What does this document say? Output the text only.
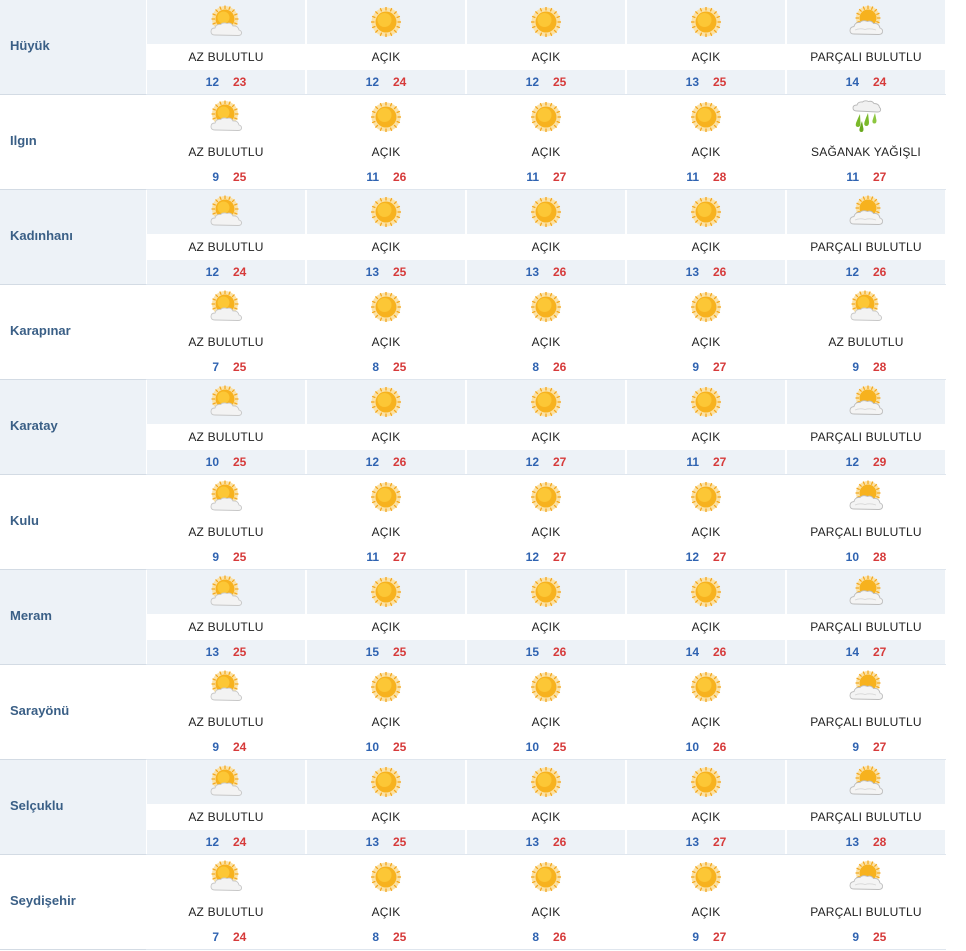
Hüyük
AZ BULUTLU
12 23
AÇIK
12 24
AÇIK
12 25
AÇIK
13 25
PARÇALI BULUTLU
14 24
Ilgın
AZ BULUTLU
9 25
AÇIK
11 26
AÇIK
11 27
AÇIK
11 28
SAĞANAK YAĞIŞLI
11 27
Kadınhanı
AZ BULUTLU
12 24
AÇIK
13 25
AÇIK
13 26
AÇIK
13 26
PARÇALI BULUTLU
12 26
Karapınar
AZ BULUTLU
7 25
AÇIK
8 25
AÇIK
8 26
AÇIK
9 27
AZ BULUTLU
9 28
Karatay
AZ BULUTLU
10 25
AÇIK
12 26
AÇIK
12 27
AÇIK
11 27
PARÇALI BULUTLU
12 29
Kulu
AZ BULUTLU
9 25
AÇIK
11 27
AÇIK
12 27
AÇIK
12 27
PARÇALI BULUTLU
10 28
Meram
AZ BULUTLU
13 25
AÇIK
15 25
AÇIK
15 26
AÇIK
14 26
PARÇALI BULUTLU
14 27
Sarayönü
AZ BULUTLU
9 24
AÇIK
10 25
AÇIK
10 25
AÇIK
10 26
PARÇALI BULUTLU
9 27
Selçuklu
AZ BULUTLU
12 24
AÇIK
13 25
AÇIK
13 26
AÇIK
13 27
PARÇALI BULUTLU
13 28
Seydişehir
AZ BULUTLU
7 24
AÇIK
8 25
AÇIK
8 26
AÇIK
9 27
PARÇALI BULUTLU
9 25
